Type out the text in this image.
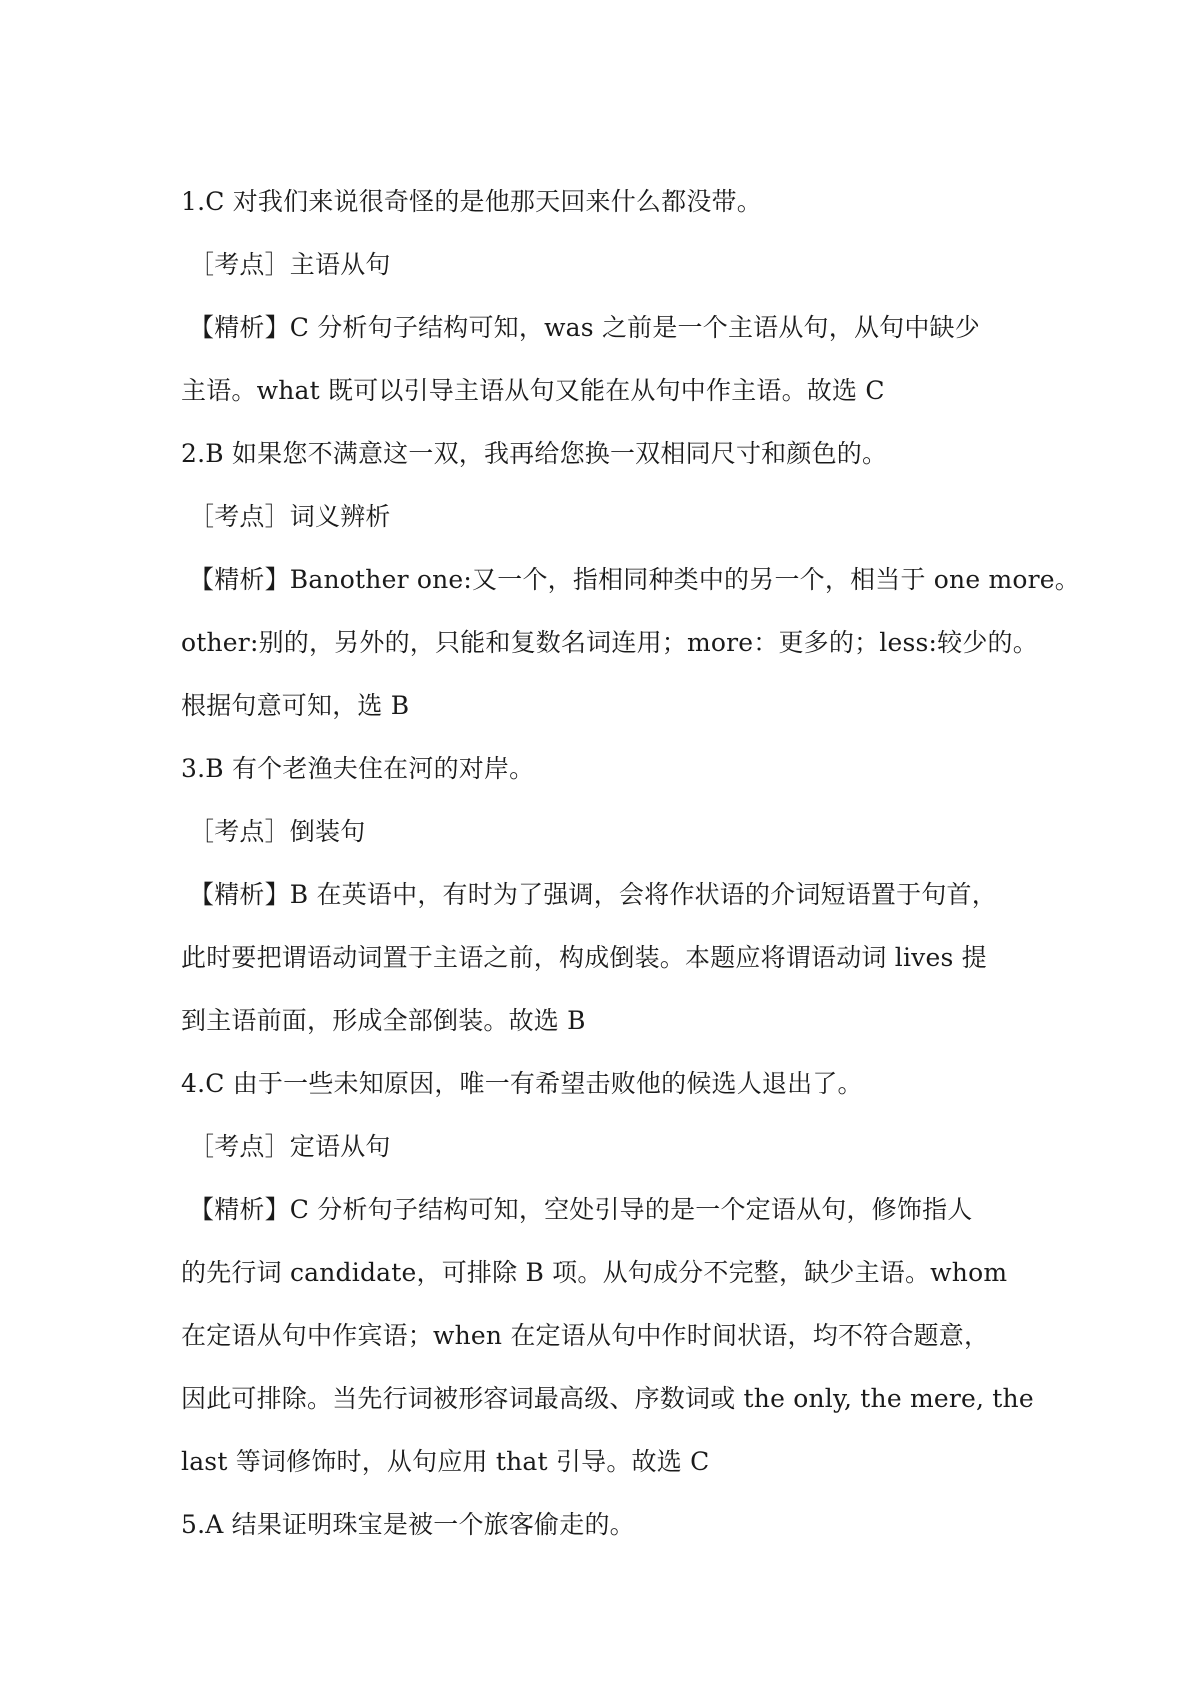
1.C 对我们来说很奇怪的是他那天回来什么都没带。
［考点］主语从句
【精析】C 分析句子结构可知，was 之前是一个主语从句，从句中缺少
主语。what 既可以引导主语从句又能在从句中作主语。故选 C
2.B 如果您不满意这一双，我再给您换一双相同尺寸和颜色的。
［考点］词义辨析
【精析】Banother one:又一个，指相同种类中的另一个，相当于 one more。
other:别的，另外的，只能和复数名词连用；more：更多的；less:较少的。
根据句意可知，选 B
3.B 有个老渔夫住在河的对岸。
［考点］倒装句
【精析】B 在英语中，有时为了强调，会将作状语的介词短语置于句首，
此时要把谓语动词置于主语之前，构成倒装。本题应将谓语动词 lives 提
到主语前面，形成全部倒装。故选 B
4.C 由于一些未知原因，唯一有希望击败他的候选人退出了。
［考点］定语从句
【精析】C 分析句子结构可知，空处引导的是一个定语从句，修饰指人
的先行词 candidate，可排除 B 项。从句成分不完整，缺少主语。whom
在定语从句中作宾语；when 在定语从句中作时间状语，均不符合题意，
因此可排除。当先行词被形容词最高级、序数词或 the only, the mere, the
last 等词修饰时，从句应用 that 引导。故选 C
5.A 结果证明珠宝是被一个旅客偷走的。
